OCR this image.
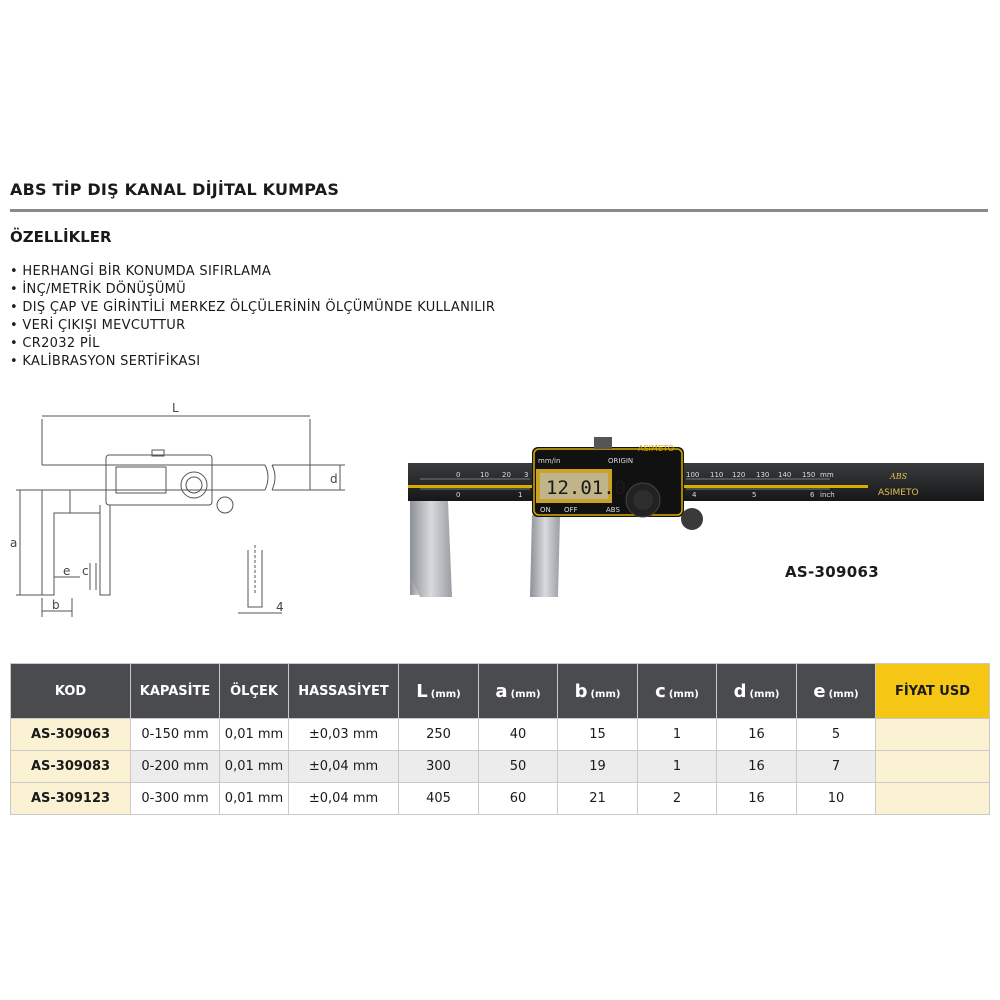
ABS TİP DIŞ KANAL DİJİTAL KUMPAS
ÖZELLİKLER
• HERHANGİ BİR KONUMDA SIFIRLAMA
• İNÇ/METRİK DÖNÜŞÜMÜ
• DIŞ ÇAP VE GİRİNTİLİ MERKEZ ÖLÇÜLERİNİN ÖLÇÜMÜNDE KULLANILIR
• VERİ ÇIKIŞI MEVCUTTUR
• CR2032 PİL
• KALİBRASYON SERTİFİKASI
L
d
a
e c
b	4
12.01.0
mm/in	ORIGIN
ASIMETO
ON OFF	ABS
0	10 20 3	100 110 120 130 140 150 mm
0	1	4	5	6 inch
ABS
ASIMETO
AS-309063
KOD	KAPASİTE	ÖLÇEK	HASSASİYET	L (mm)	a (mm)	b (mm)	c (mm)	d (mm)	e (mm)	FİYAT USD
AS-309063	0-150 mm	0,01 mm	±0,03 mm	250	40	15	1	16	5	
AS-309083	0-200 mm	0,01 mm	±0,04 mm	300	50	19	1	16	7	
AS-309123	0-300 mm	0,01 mm	±0,04 mm	405	60	21	2	16	10	
